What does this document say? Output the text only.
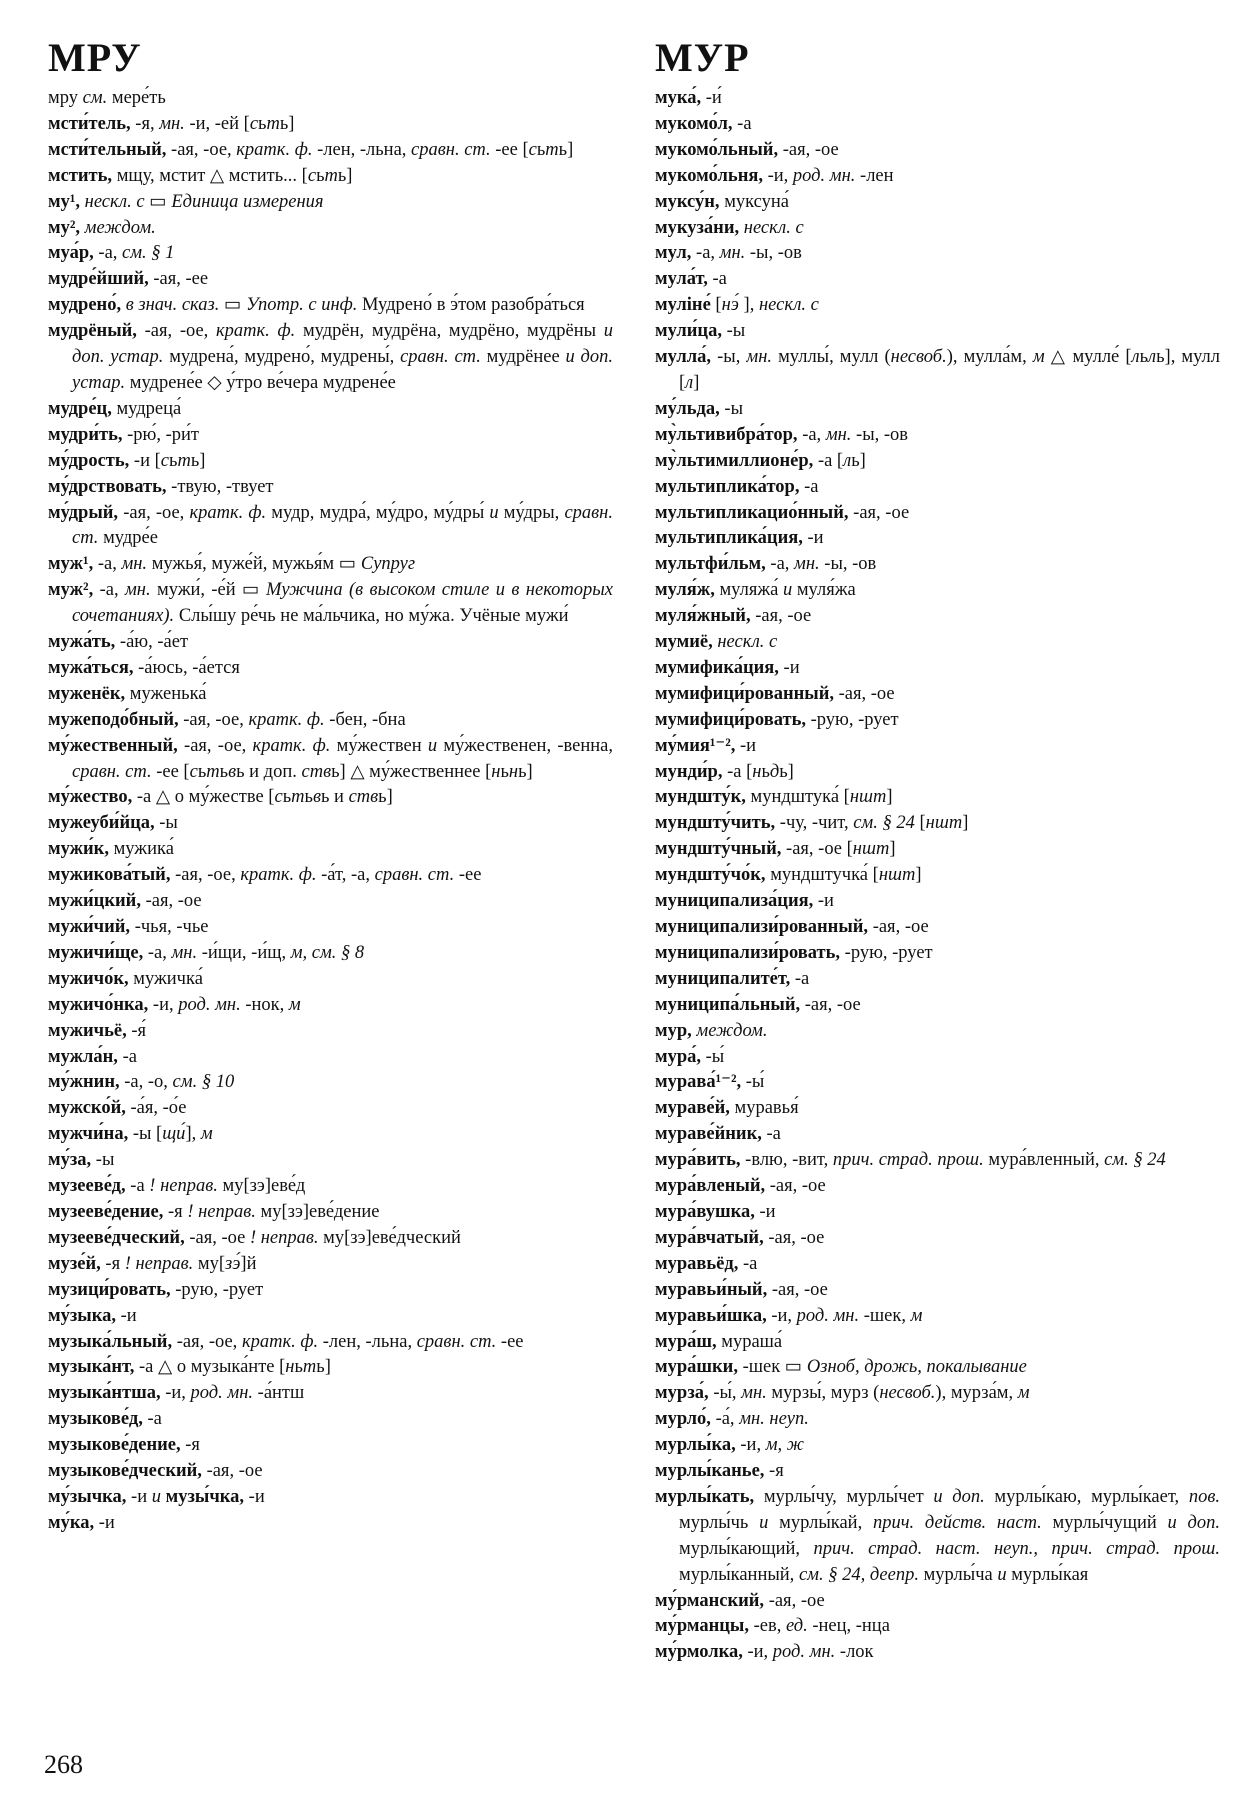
МРУ
мру см. мере́ть
мсти́тель, -я, мн. -и, -ей [сьть]
мсти́тельный, -ая, -ое, кратк. ф. -лен, -льна, сравн. ст. -ее [сьть]
мстить, мщу, мстит △ мстить... [сьть]
му¹, нескл. с ▭ Единица измерения
му², междом.
муа́р, -а, см. § 1
мудре́йший, -ая, -ее
мудрено́, в знач. сказ. ▭ Употр. с инф. Мудрено́ в э́том разобра́ться
мудрёный, -ая, -ое, кратк. ф. мудрён, мудрёна, мудрёно, мудрёны и доп. устар. мудрена́, мудрено́, мудрены́, сравн. ст. мудрёнее и доп. устар. мудрене́е ◇ у́тро ве́чера мудрене́е
мудре́ц, мудреца́
мудри́ть, -рю́, -ри́т
му́дрость, -и [сьть]
му́дрствовать, -твую, -твует
му́дрый, -ая, -ое, кратк. ф. мудр, мудра́, му́дро, му́дры́ и му́дры, сравн. ст. мудре́е
муж¹, -а, мн. мужья́, муже́й, мужья́м ▭ Супруг
муж², -а, мн. мужи́, -е́й ▭ Мужчина (в высоком стиле и в некоторых сочетаниях). Слы́шу ре́чь не ма́льчика, но му́жа. Учёные мужи́
мужа́ть, -а́ю, -а́ет
мужа́ться, -а́юсь, -а́ется
муженёк, муженька́
мужеподо́бный, -ая, -ое, кратк. ф. -бен, -бна
му́жественный, -ая, -ое, кратк. ф. му́жествен и му́жественен, -венна, сравн. ст. -ее [сьтьвь и доп. ствь] △ му́жественнее [ньнь]
му́жество, -а △ о му́жестве [сьтьвь и ствь]
мужеуби́йца, -ы
мужи́к, мужика́
мужикова́тый, -ая, -ое, кратк. ф. -а́т, -а, сравн. ст. -ее
мужи́цкий, -ая, -ое
мужи́чий, -чья, -чье
мужичи́ще, -а, мн. -и́щи, -и́щ, м, см. § 8
мужичо́к, мужичка́
мужичо́нка, -и, род. мн. -нок, м
мужичьё, -я́
мужла́н, -а
му́жнин, -а, -о, см. § 10
мужско́й, -а́я, -о́е
мужчи́на, -ы [щи́], м
му́за, -ы
музееве́д, -а ! неправ. му[зэ]еве́д
музееве́дение, -я ! неправ. му[зэ]еве́дение
музееве́дческий, -ая, -ое ! неправ. му[зэ]еве́дческий
музе́й, -я ! неправ. му[зэ́]й
музици́ровать, -рую, -рует
му́зыка, -и
музыка́льный, -ая, -ое, кратк. ф. -лен, -льна, сравн. ст. -ее
музыка́нт, -а △ о музыка́нте [ньть]
музыка́нтша, -и, род. мн. -а́нтш
музыкове́д, -а
музыкове́дение, -я
музыкове́дческий, -ая, -ое
му́зычка, -и и музы́чка, -и
му́ка, -и
МУР
мука́, -и́
мукомо́л, -а
мукомо́льный, -ая, -ое
мукомо́льня, -и, род. мн. -лен
муксу́н, муксуна́
мукуза́ни, нескл. с
мул, -а, мн. -ы, -ов
мула́т, -а
муліне́ [нэ́ ], нескл. с
мули́ца, -ы
мулла́, -ы, мн. муллы́, мулл (несвоб.), мулла́м, м △ мулле́ [льль], мулл [л]
му́льда, -ы
му̀льтивибра́тор, -а, мн. -ы, -ов
му̀льтимиллионе́р, -а [ль]
мультиплика́тор, -а
мультипликацио́нный, -ая, -ое
мультиплика́ция, -и
мультфи́льм, -а, мн. -ы, -ов
муля́ж, муляжа́ и муля́жа
муля́жный, -ая, -ое
мумиё, нескл. с
мумифика́ция, -и
мумифици́рованный, -ая, -ое
мумифици́ровать, -рую, -рует
му́мия¹⁻², -и
мунди́р, -а [ньдь]
мундшту́к, мундштука́ [ншт]
мундшту́чить, -чу, -чит, см. § 24 [ншт]
мундшту́чный, -ая, -ое [ншт]
мундшту́чо́к, мундштучка́ [ншт]
муниципализа́ция, -и
муниципализи́рованный, -ая, -ое
муниципализи́ровать, -рую, -рует
муниципалите́т, -а
муниципа́льный, -ая, -ое
мур, междом.
мура́, -ы́
мурава́¹⁻², -ы́
мураве́й, муравья́
мураве́йник, -а
мура́вить, -влю, -вит, прич. страд. прош. мура́вленный, см. § 24
мура́вленый, -ая, -ое
мура́вушка, -и
мура́вчатый, -ая, -ое
муравьёд, -а
муравьи́ный, -ая, -ое
муравьи́шка, -и, род. мн. -шек, м
мура́ш, мураша́
мура́шки, -шек ▭ Озноб, дрожь, покалывание
мурза́, -ы́, мн. мурзы́, мурз (несвоб.), мурза́м, м
мурло́, -а́, мн. неуп.
мурлы́ка, -и, м, ж
мурлы́канье, -я
мурлы́кать, мурлы́чу, мурлы́чет и доп. мурлы́каю, мурлы́кает, пов. мурлы́чь и мурлы́кай, прич. действ. наст. мурлы́чущий и доп. мурлы́кающий, прич. страд. наст. неуп., прич. страд. прош. мурлы́канный, см. § 24, деепр. мурлы́ча и мурлы́кая
му́рманский, -ая, -ое
му́рманцы, -ев, ед. -нец, -нца
му́рмолка, -и, род. мн. -лок
268
